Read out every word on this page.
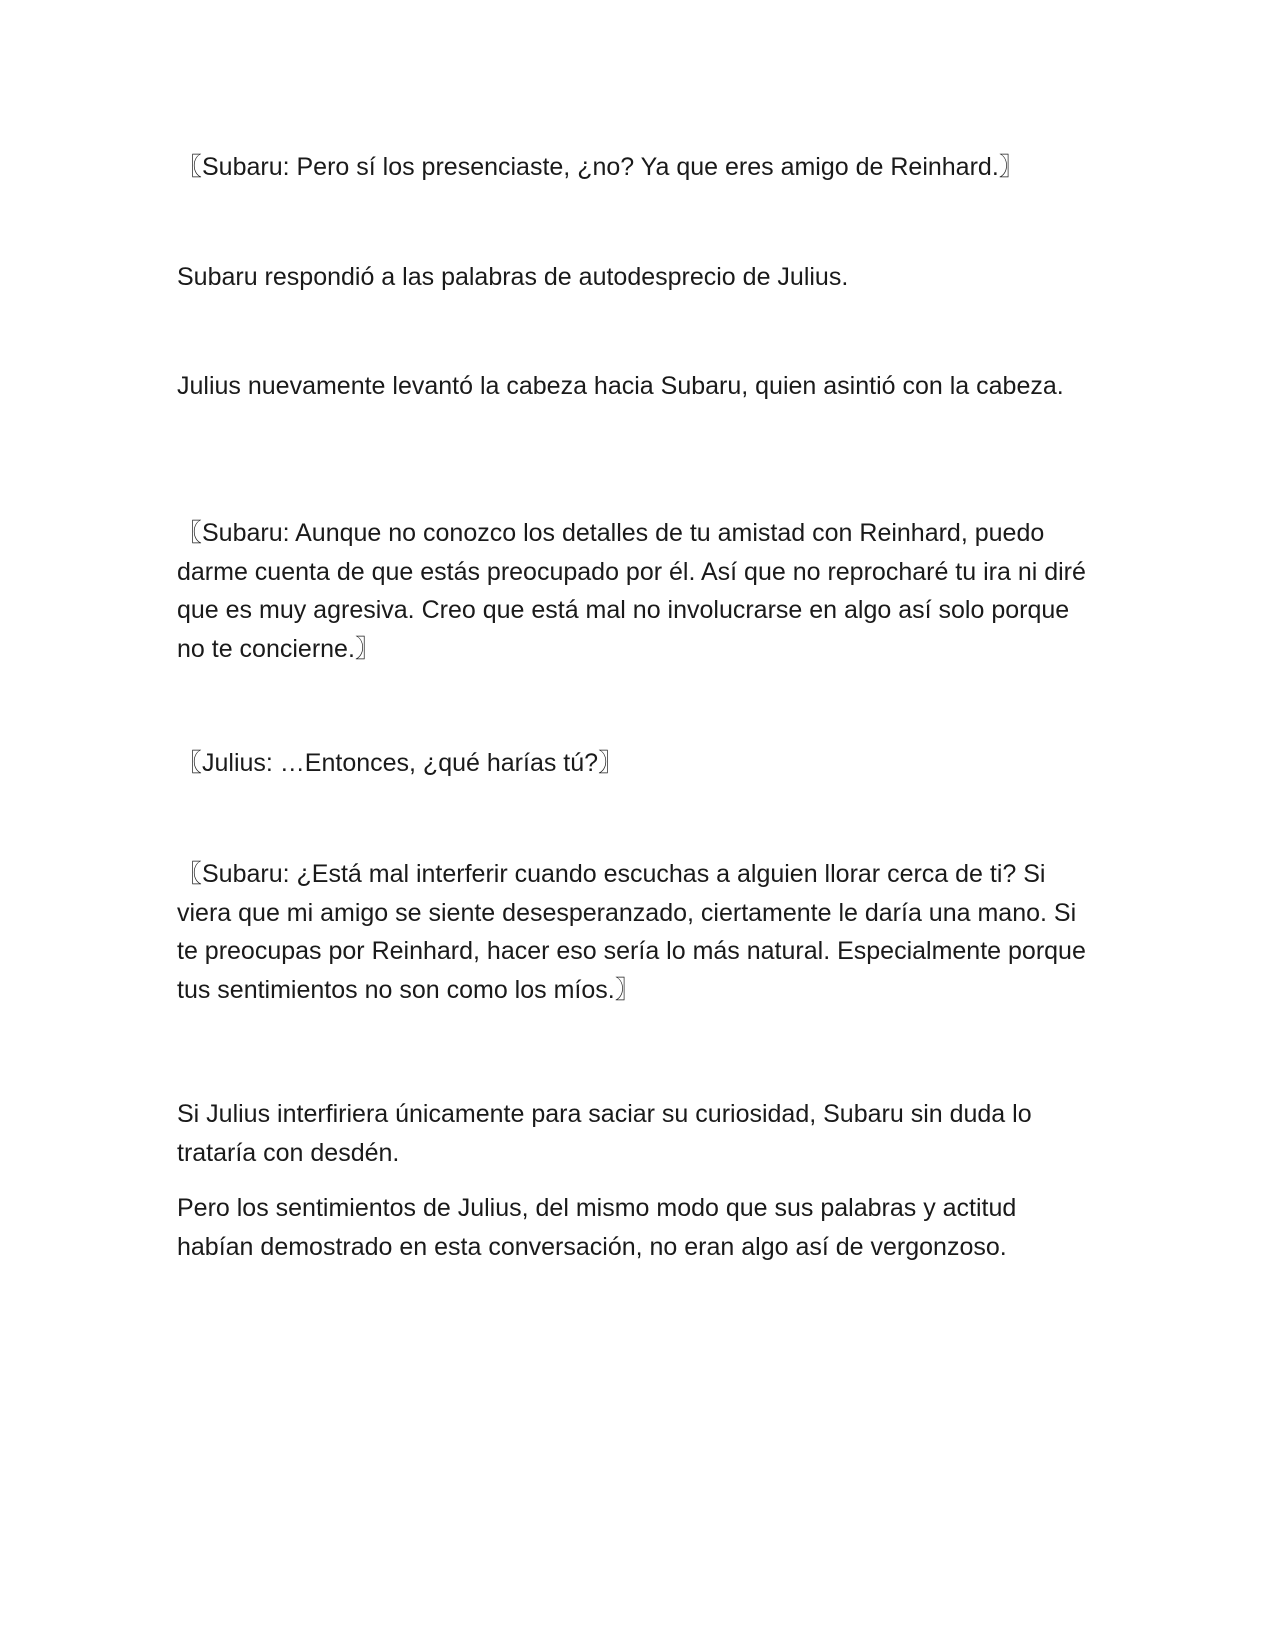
〖Subaru: Pero sí los presenciaste, ¿no? Ya que eres amigo de Reinhard.〗

Subaru respondió a las palabras de autodesprecio de Julius.

Julius nuevamente levantó la cabeza hacia Subaru, quien asintió con la cabeza.

〖Subaru: Aunque no conozco los detalles de tu amistad con Reinhard, puedo darme cuenta de que estás preocupado por él. Así que no reprocharé tu ira ni diré que es muy agresiva. Creo que está mal no involucrarse en algo así solo porque no te concierne.〗

〖Julius: …Entonces, ¿qué harías tú?〗

〖Subaru: ¿Está mal interferir cuando escuchas a alguien llorar cerca de ti? Si viera que mi amigo se siente desesperanzado, ciertamente le daría una mano. Si te preocupas por Reinhard, hacer eso sería lo más natural. Especialmente porque tus sentimientos no son como los míos.〗

Si Julius interfiriera únicamente para saciar su curiosidad, Subaru sin duda lo trataría con desdén.

Pero los sentimientos de Julius, del mismo modo que sus palabras y actitud habían demostrado en esta conversación, no eran algo así de vergonzoso.
